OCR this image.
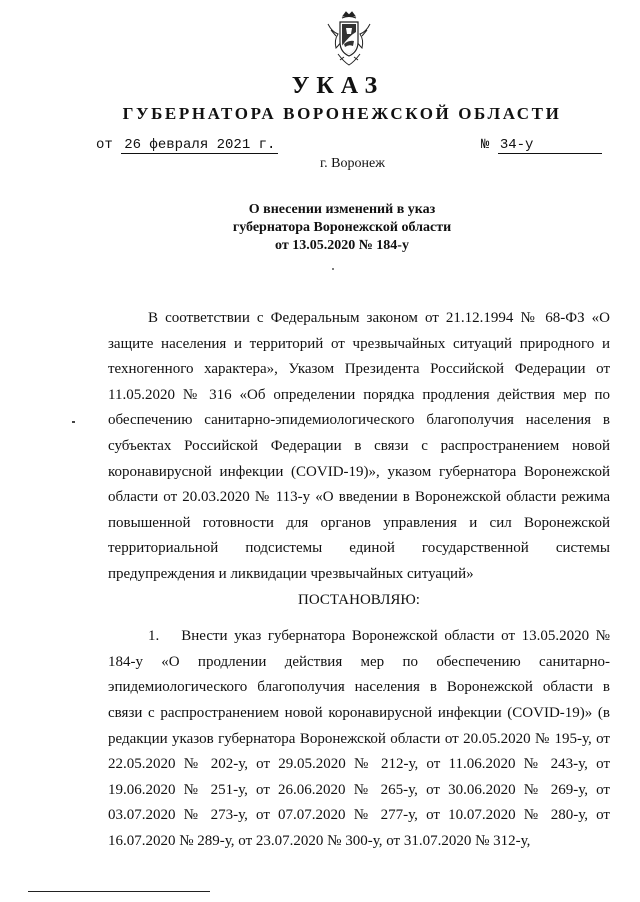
УКАЗ
ГУБЕРНАТОРА ВОРОНЕЖСКОЙ ОБЛАСТИ
от 26 февраля 2021 г.	№ 34-у
г. Воронеж
О внесении изменений в указ
губернатора Воронежской области
от 13.05.2020 № 184-у

В соответствии с Федеральным законом от 21.12.1994 № 68-ФЗ «О защите населения и территорий от чрезвычайных ситуаций природного и техногенного характера», Указом Президента Российской Федерации от 11.05.2020 № 316 «Об определении порядка продления действия мер по обеспечению санитарно-эпидемиологического благополучия населения в субъектах Российской Федерации в связи с распространением новой коронавирусной инфекции (COVID-19)», указом губернатора Воронежской области от 20.03.2020 № 113-у «О введении в Воронежской области режима повышенной готовности для органов управления и сил Воронежской территориальной подсистемы единой государственной системы предупреждения и ликвидации чрезвычайных ситуаций»

ПОСТАНОВЛЯЮ:

1. Внести указ губернатора Воронежской области от 13.05.2020 № 184-у «О продлении действия мер по обеспечению санитарно-эпидемиологического благополучия населения в Воронежской области в связи с распространением новой коронавирусной инфекции (COVID-19)» (в редакции указов губернатора Воронежской области от 20.05.2020 № 195-у, от 22.05.2020 № 202-у, от 29.05.2020 № 212-у, от 11.06.2020 № 243-у, от 19.06.2020 № 251-у, от 26.06.2020 № 265-у, от 30.06.2020 № 269-у, от 03.07.2020 № 273-у, от 07.07.2020 № 277-у, от 10.07.2020 № 280-у, от 16.07.2020 № 289-у, от 23.07.2020 № 300-у, от 31.07.2020 № 312-у,
